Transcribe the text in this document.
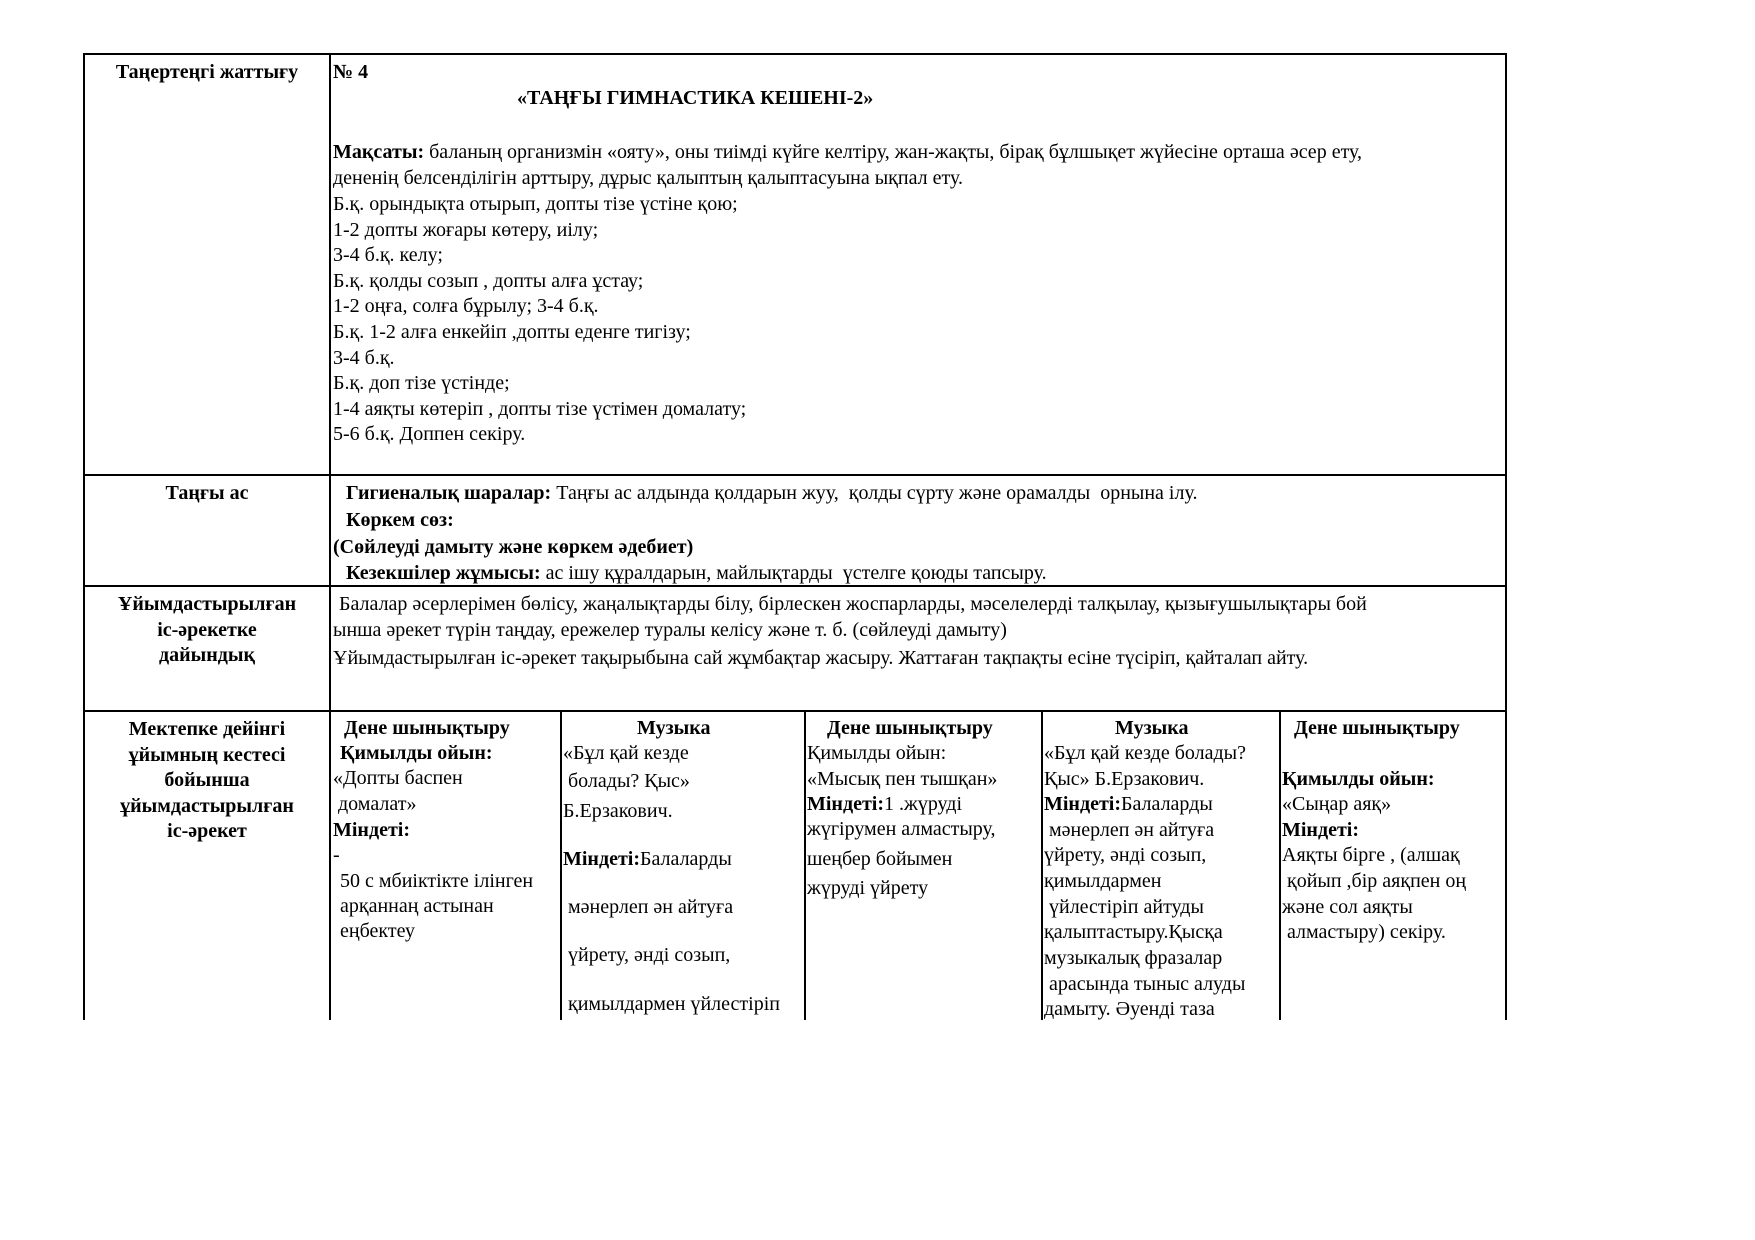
Таңертеңгі жаттығу	№ 4
«ТАҢҒЫ ГИМНАСТИКА КЕШЕНІ-2»
Мақсаты: баланың организмін «ояту», оны тиімді күйге келтіру, жан-жақты, бірақ бұлшықет жүйесіне орташа әсер ету,
дененің белсенділігін арттыру, дұрыс қалыптың қалыптасуына ықпал ету.
Б.қ. орындықта отырып, допты тізе үстіне қою;
1-2 допты жоғары көтеру, иілу;
3-4 б.қ. келу;
Б.қ. қолды созып , допты алға ұстау;
1-2 оңға, солға бұрылу; 3-4 б.қ.
Б.қ. 1-2 алға енкейіп ,допты еденге тигізу;
3-4 б.қ.
Б.қ. доп тізе үстінде;
1-4 аяқты көтеріп , допты тізе үстімен домалату;
5-6 б.қ. Доппен секіру.
Таңғы ас	Гигиеналық шаралар: Таңғы ас алдында қолдарын жуу,  қолды сүрту және орамалды  орнына ілу.
Көркем сөз:
(Сөйлеуді дамыту және көркем әдебиет)
Кезекшілер жұмысы: ас ішу құралдарын, майлықтарды  үстелге қоюды тапсыру.
Ұйымдастырылған
іс-әрекетке
дайындық
Балалар әсерлерімен бөлісу, жаңалықтарды білу, бірлескен жоспарларды, мәселелерді талқылау, қызығушылықтары бой
ынша әрекет түрін таңдау, ережелер туралы келісу және т. б. (сөйлеуді дамыту)
Ұйымдастырылған іс-әрекет тақырыбына сай жұмбақтар жасыру. Жаттаған тақпақты есіне түсіріп, қайталап айту.
Мектепке дейінгі
ұйымның кестесі
бойынша
ұйымдастырылған
іс-әрекет
Дене шынықтыру
Қимылды ойын:
«Допты баспен
домалат»
Міндеті:
-
50 с мбиіктікте ілінген
арқаннаң астынан
еңбектеу
Музыка
«Бұл қай кезде
болады? Қыс»
Б.Ерзакович.
Міндеті:Балаларды
мәнерлеп ән айтуға
үйрету, әнді созып,
қимылдармен үйлестіріп
Дене шынықтыру
Қимылды ойын:
«Мысық пен тышқан»
Міндеті:1 .жүруді
жүгірумен алмастыру,
шеңбер бойымен
жүруді үйрету
Музыка
«Бұл қай кезде болады?
Қыс» Б.Ерзакович.
Міндеті:Балаларды
мәнерлеп ән айтуға
үйрету, әнді созып,
қимылдармен
үйлестіріп айтуды
қалыптастыру.Қысқа
музыкалық фразалар
арасында тыныс алуды
дамыту. Әуенді таза
Дене шынықтыру
Қимылды ойын:
«Сыңар аяқ»
Міндеті:
Аяқты бірге , (алшақ
қойып ,бір аяқпен оң
және сол аяқты
алмастыру) секіру.
